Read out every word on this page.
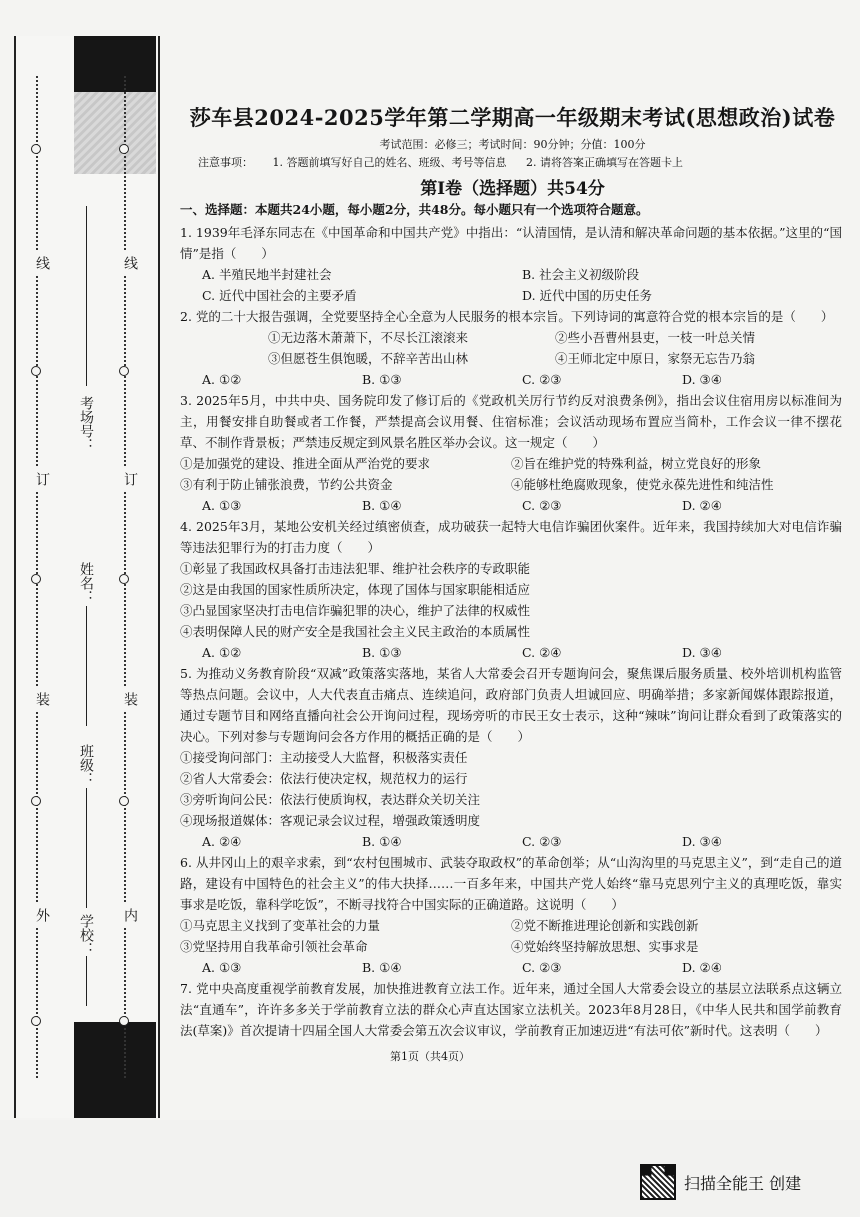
线
订
装
外
线
订
装
内
考场号：
姓名：
班级：
学校：
莎车县2024-2025学年第二学期高一年级期末考试(思想政治)试卷
考试范围：必修三；考试时间：90分钟；分值：100分
注意事项： 1. 答题前填写好自己的姓名、班级、考号等信息 2. 请将答案正确填写在答题卡上
第I卷（选择题）共54分
一、选择题：本题共24小题，每小题2分，共48分。每小题只有一个选项符合题意。

1. 1939年毛泽东同志在《中国革命和中国共产党》中指出：“认清国情，是认清和解决革命问题的基本依据。”这里的“国情”是指（　　）

A. 半殖民地半封建社会	B. 社会主义初级阶段
C. 近代中国社会的主要矛盾	D. 近代中国的历史任务

2. 党的二十大报告强调，全党要坚持全心全意为人民服务的根本宗旨。下列诗词的寓意符合党的根本宗旨的是（　　）

①无边落木萧萧下，不尽长江滚滚来	②些小吾曹州县吏，一枝一叶总关情
③但愿苍生俱饱暖，不辞辛苦出山林	④王师北定中原日，家祭无忘告乃翁
A. ①②	B. ①③	C. ②③	D. ③④

3. 2025年5月，中共中央、国务院印发了修订后的《党政机关厉行节约反对浪费条例》，指出会议住宿用房以标准间为主，用餐安排自助餐或者工作餐，严禁提高会议用餐、住宿标准；会议活动现场布置应当简朴，工作会议一律不摆花草、不制作背景板；严禁违反规定到风景名胜区举办会议。这一规定（　　）

①是加强党的建设、推进全面从严治党的要求	②旨在维护党的特殊利益，树立党良好的形象
③有利于防止铺张浪费，节约公共资金	④能够杜绝腐败现象，使党永葆先进性和纯洁性
A. ①③	B. ①④	C. ②③	D. ②④

4. 2025年3月，某地公安机关经过缜密侦查，成功破获一起特大电信诈骗团伙案件。近年来，我国持续加大对电信诈骗等违法犯罪行为的打击力度（　　）

①彰显了我国政权具备打击违法犯罪、维护社会秩序的专政职能

②这是由我国的国家性质所决定，体现了国体与国家职能相适应

③凸显国家坚决打击电信诈骗犯罪的决心，维护了法律的权威性

④表明保障人民的财产安全是我国社会主义民主政治的本质属性

A. ①②	B. ①③	C. ②④	D. ③④

5. 为推动义务教育阶段“双减”政策落实落地，某省人大常委会召开专题询问会，聚焦课后服务质量、校外培训机构监管等热点问题。会议中，人大代表直击痛点、连续追问，政府部门负责人坦诚回应、明确举措；多家新闻媒体跟踪报道，通过专题节目和网络直播向社会公开询问过程，现场旁听的市民王女士表示，这种“辣味”询问让群众看到了政策落实的决心。下列对参与专题询问会各方作用的概括正确的是（　　）

①接受询问部门：主动接受人大监督，积极落实责任

②省人大常委会：依法行使决定权，规范权力的运行

③旁听询问公民：依法行使质询权，表达群众关切关注

④现场报道媒体：客观记录会议过程，增强政策透明度

A. ②④	B. ①④	C. ②③	D. ③④

6. 从井冈山上的艰辛求索，到“农村包围城市、武装夺取政权”的革命创举；从“山沟沟里的马克思主义”，到“走自己的道路，建设有中国特色的社会主义”的伟大抉择……一百多年来，中国共产党人始终“靠马克思列宁主义的真理吃饭，靠实事求是吃饭，靠科学吃饭”，不断寻找符合中国实际的正确道路。这说明（　　）

①马克思主义找到了变革社会的力量	②党不断推进理论创新和实践创新
③党坚持用自我革命引领社会革命	④党始终坚持解放思想、实事求是
A. ①③	B. ①④	C. ②③	D. ②④

7. 党中央高度重视学前教育发展，加快推进教育立法工作。近年来，通过全国人大常委会设立的基层立法联系点这辆立法“直通车”，许许多多关于学前教育立法的群众心声直达国家立法机关。2023年8月28日，《中华人民共和国学前教育法(草案)》首次提请十四届全国人大常委会第五次会议审议，学前教育正加速迈进“有法可依”新时代。这表明（　　）

第1页（共4页）
扫描全能王 创建
